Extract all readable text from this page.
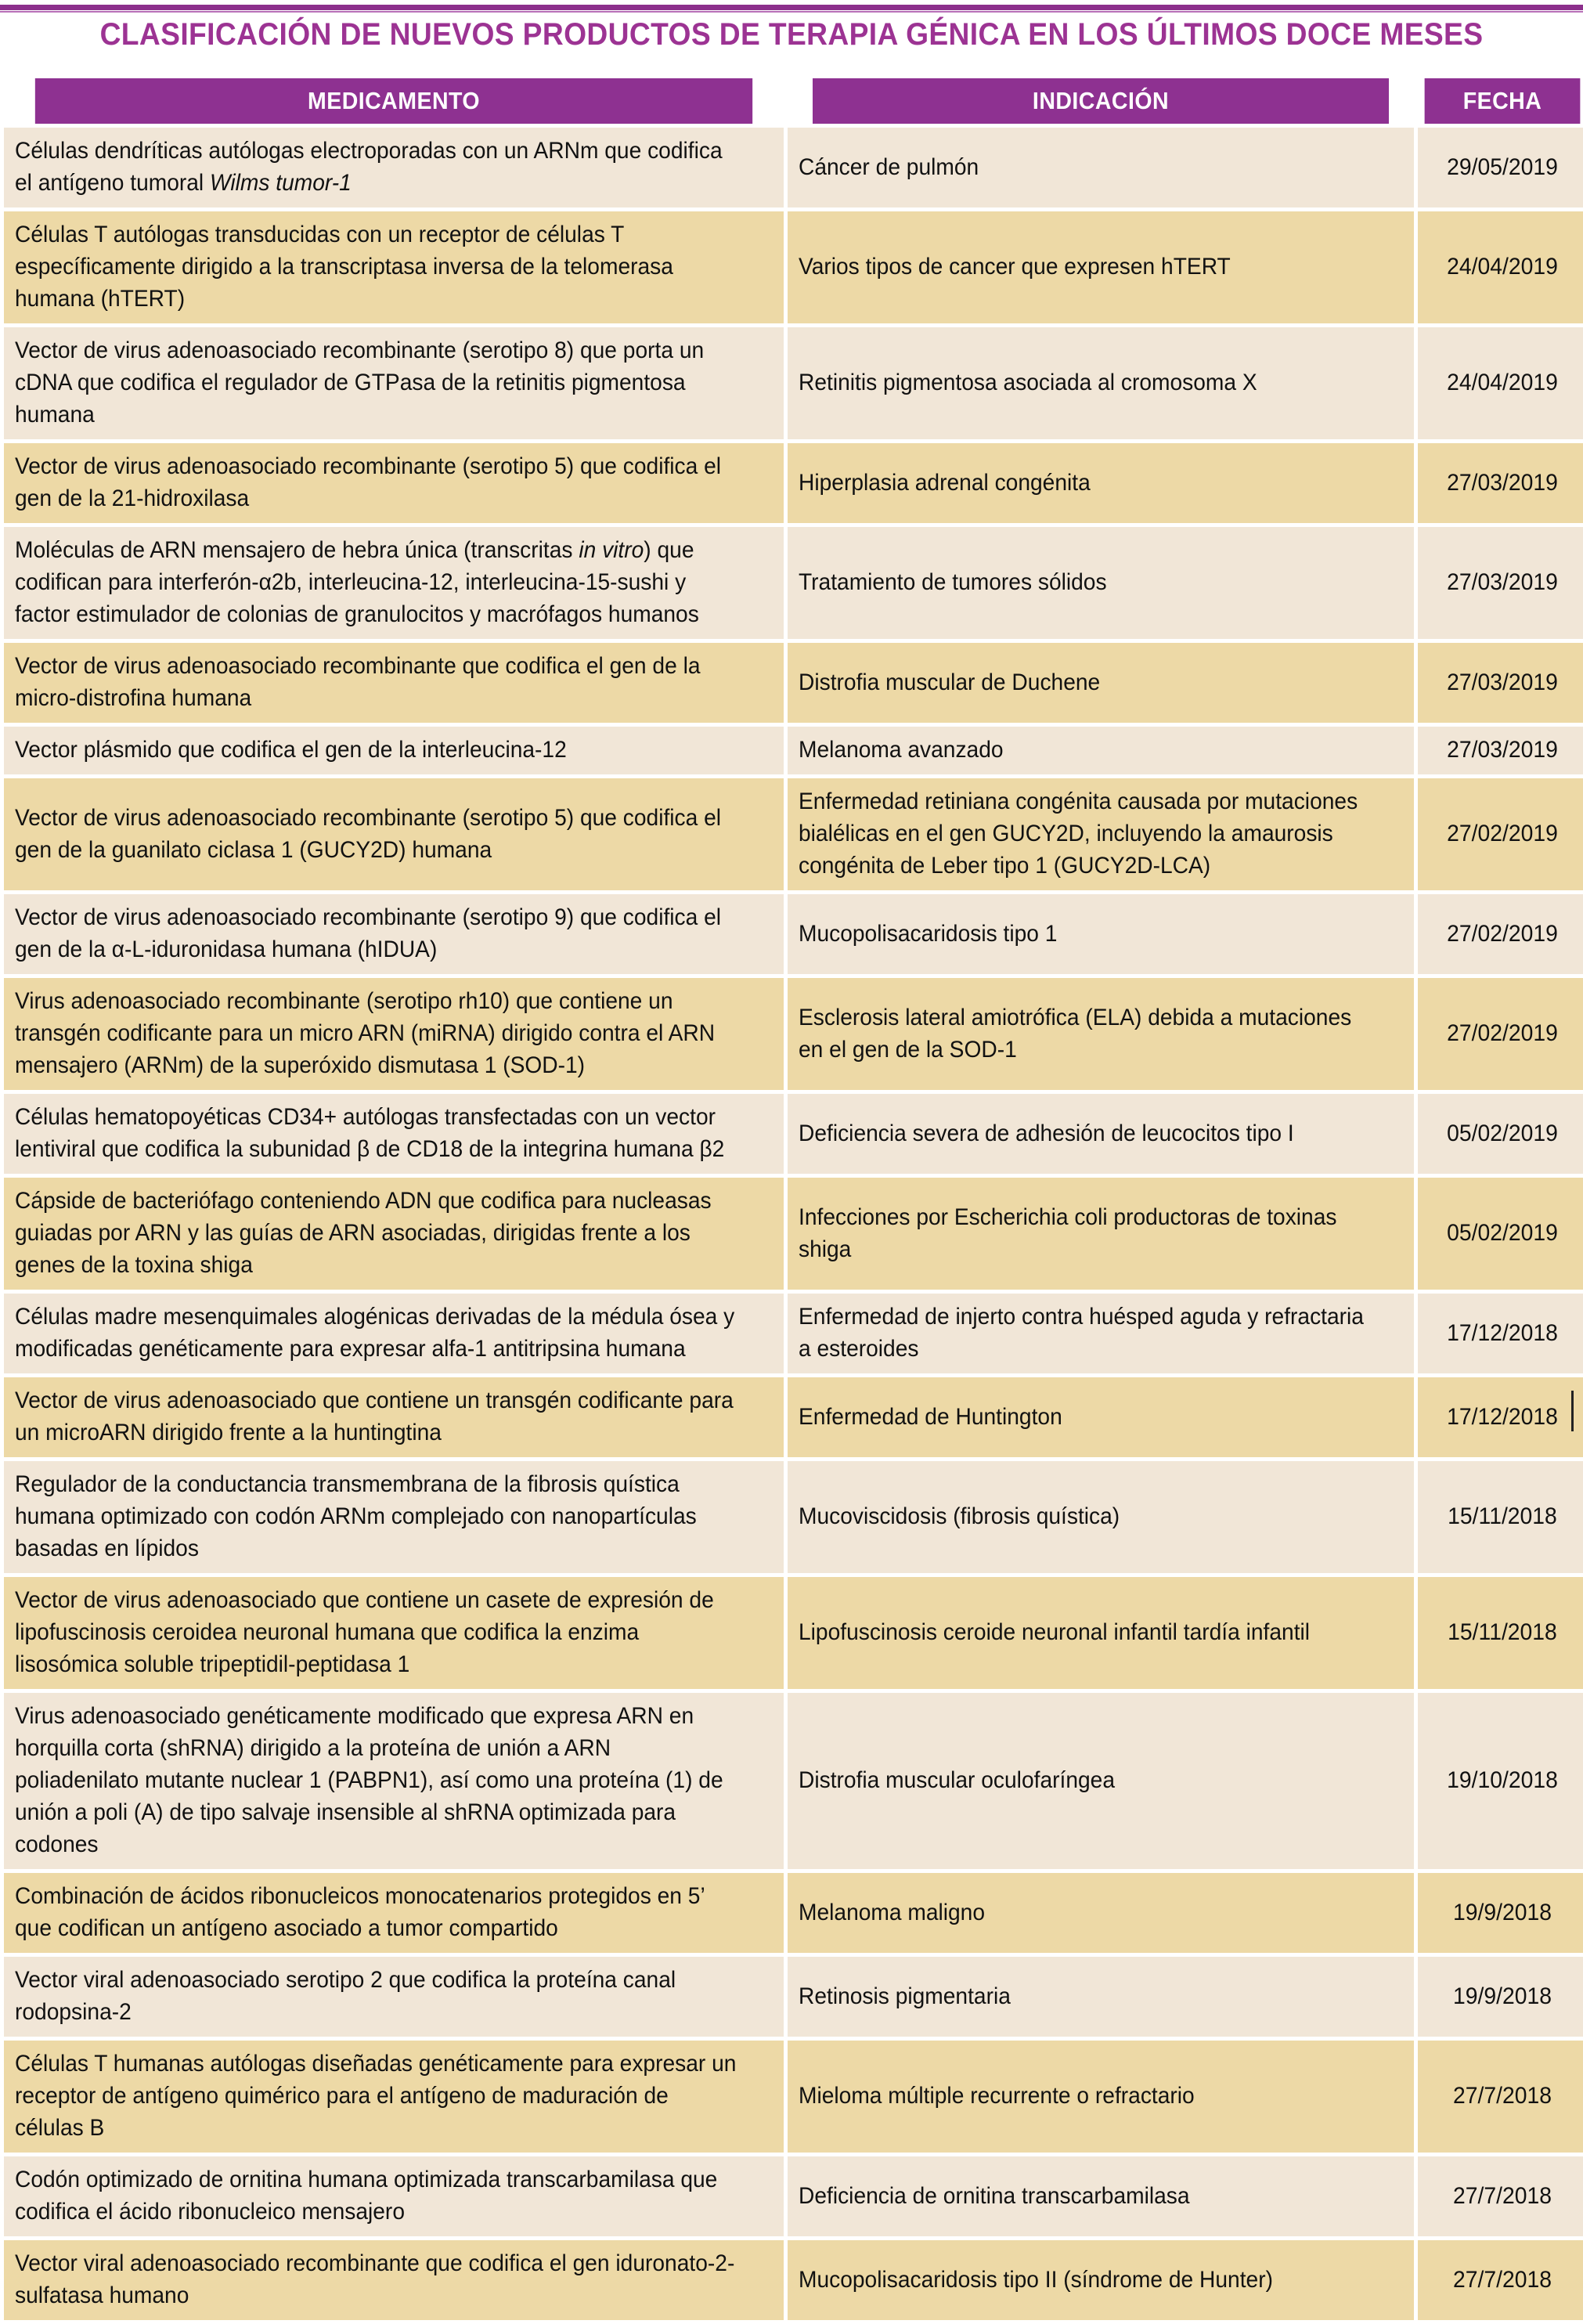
CLASIFICACIÓN DE NUEVOS PRODUCTOS DE TERAPIA GÉNICA EN LOS ÚLTIMOS DOCE MESES
MEDICAMENTO	INDICACIÓN	FECHA

Células dendríticas autólogas electroporadas con un ARNm que codifica el antígeno tumoral Wilms tumor-1	Cáncer de pulmón	29/05/2019

Células T autólogas transducidas con un receptor de células T específicamente dirigido a la transcriptasa inversa de la telomerasa humana (hTERT)	Varios tipos de cancer que expresen hTERT	24/04/2019

Vector de virus adenoasociado recombinante (serotipo 8) que porta un cDNA que codifica el regulador de GTPasa de la retinitis pigmentosa humana	Retinitis pigmentosa asociada al cromosoma X	24/04/2019

Vector de virus adenoasociado recombinante (serotipo 5) que codifica el gen de la 21-hidroxilasa	Hiperplasia adrenal congénita	27/03/2019

Moléculas de ARN mensajero de hebra única (transcritas in vitro) que codifican para interferón-α2b, interleucina-12, interleucina-15-sushi y factor estimulador de colonias de granulocitos y macrófagos humanos	Tratamiento de tumores sólidos	27/03/2019

Vector de virus adenoasociado recombinante que codifica el gen de la micro-distrofina humana	Distrofia muscular de Duchene	27/03/2019

Vector plásmido que codifica el gen de la interleucina-12	Melanoma avanzado	27/03/2019

Vector de virus adenoasociado recombinante (serotipo 5) que codifica el gen de la guanilato ciclasa 1 (GUCY2D) humana	Enfermedad retiniana congénita causada por mutaciones bialélicas en el gen GUCY2D, incluyendo la amaurosis congénita de Leber tipo 1 (GUCY2D-LCA)	27/02/2019

Vector de virus adenoasociado recombinante (serotipo 9) que codifica el gen de la α-L-iduronidasa humana (hIDUA)	Mucopolisacaridosis tipo 1	27/02/2019

Virus adenoasociado recombinante (serotipo rh10) que contiene un transgén codificante para un micro ARN (miRNA) dirigido contra el ARN mensajero (ARNm) de la superóxido dismutasa 1 (SOD-1)	Esclerosis lateral amiotrófica (ELA) debida a mutaciones en el gen de la SOD-1	27/02/2019

Células hematopoyéticas CD34+ autólogas transfectadas con un vector lentiviral que codifica la subunidad β de CD18 de la integrina humana β2	Deficiencia severa de adhesión de leucocitos tipo I	05/02/2019

Cápside de bacteriófago conteniendo ADN que codifica para nucleasas guiadas por ARN y las guías de ARN asociadas, dirigidas frente a los genes de la toxina shiga	Infecciones por Escherichia coli productoras de toxinas shiga	05/02/2019

Células madre mesenquimales alogénicas derivadas de la médula ósea y modificadas genéticamente para expresar alfa-1 antitripsina humana	Enfermedad de injerto contra huésped aguda y refractaria a esteroides	17/12/2018

Vector de virus adenoasociado que contiene un transgén codificante para un microARN dirigido frente a la huntingtina	Enfermedad de Huntington	17/12/2018

Regulador de la conductancia transmembrana de la fibrosis quística humana optimizado con codón ARNm complejado con nanopartículas basadas en lípidos	Mucoviscidosis (fibrosis quística)	15/11/2018

Vector de virus adenoasociado que contiene un casete de expresión de lipofuscinosis ceroidea neuronal humana que codifica la enzima lisosómica soluble tripeptidil-peptidasa 1	Lipofuscinosis ceroide neuronal infantil tardía infantil	15/11/2018

Virus adenoasociado genéticamente modificado que expresa ARN en horquilla corta (shRNA) dirigido a la proteína de unión a ARN poliadenilato mutante nuclear 1 (PABPN1), así como una proteína (1) de unión a poli (A) de tipo salvaje insensible al shRNA optimizada para codones	Distrofia muscular oculofaríngea	19/10/2018

Combinación de ácidos ribonucleicos monocatenarios protegidos en 5’ que codifican un antígeno asociado a tumor compartido	Melanoma maligno	19/9/2018

Vector viral adenoasociado serotipo 2 que codifica la proteína canal rodopsina-2	Retinosis pigmentaria	19/9/2018

Células T humanas autólogas diseñadas genéticamente para expresar un receptor de antígeno quimérico para el antígeno de maduración de células B	Mieloma múltiple recurrente o refractario	27/7/2018

Codón optimizado de ornitina humana optimizada transcarbamilasa que codifica el ácido ribonucleico mensajero	Deficiencia de ornitina transcarbamilasa	27/7/2018

Vector viral adenoasociado recombinante que codifica el gen iduronato-2-sulfatasa humano	Mucopolisacaridosis tipo II (síndrome de Hunter)	27/7/2018
